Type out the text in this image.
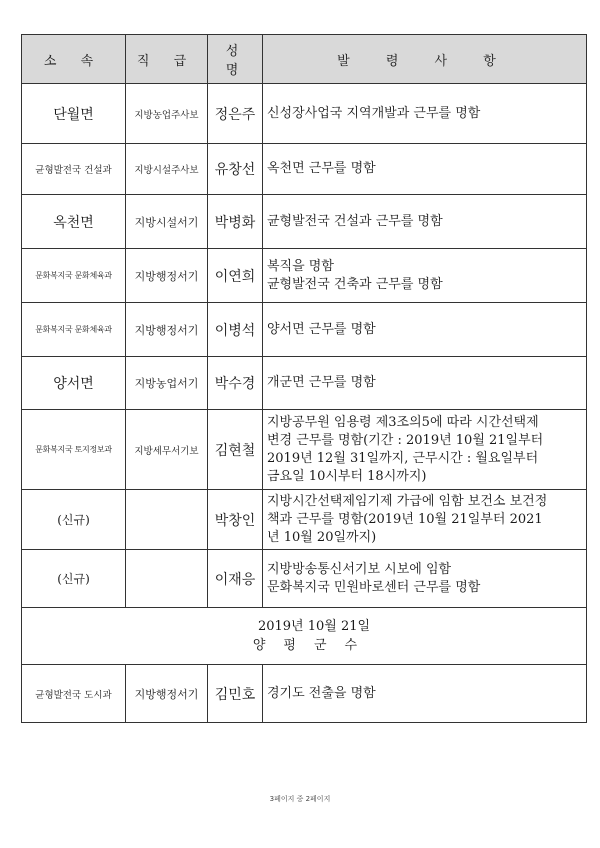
소 속	직 급	성 명	발 령 사 항
단월면	지방농업주사보	정은주	신성장사업국 지역개발과 근무를 명함

균형발전국 건설과	지방시설주사보	유창선	옥천면 근무를 명함

옥천면	지방시설서기	박병화	균형발전국 건설과 근무를 명함

문화복지국 문화체육과	지방행정서기	이연희	복직을 명함
균형발전국 건축과 근무를 명함

문화복지국 문화체육과	지방행정서기	이병석	양서면 근무를 명함

양서면	지방농업서기	박수경	개군면 근무를 명함

문화복지국 토지정보과	지방세무서기보	김현철	지방공무원 임용령 제3조의5에 따라 시간선택제
변경 근무를 명함(기간 : 2019년 10월 21일부터
2019년 12월 31일까지, 근무시간 : 월요일부터
금요일 10시부터 18시까지)

(신규)		박창인	지방시간선택제임기제 가급에 임함 보건소 보건정
책과 근무를 명함(2019년 10월 21일부터 2021
년 10월 20일까지)

(신규)		이재응	지방방송통신서기보 시보에 임함
문화복지국 민원바로센터 근무를 명함

2019년 10월 21일
양평군수			

균형발전국 도시과	지방행정서기	김민호	경기도 전출을 명함
3페이지 중 2페이지
